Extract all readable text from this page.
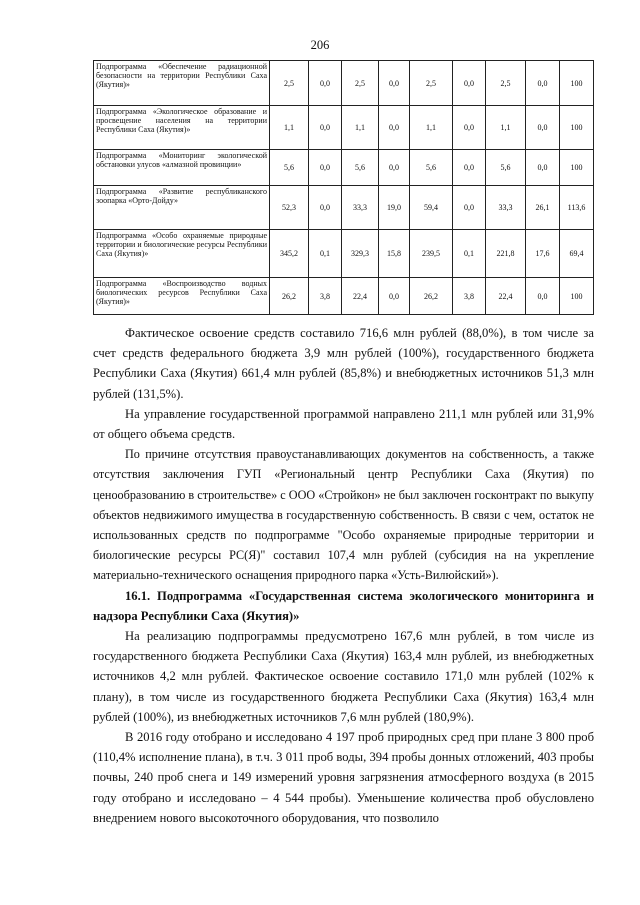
206
Подпрограмма «Обеспечение радиационной безопасности на территории Республики Саха (Якутия)»	2,5	0,0	2,5	0,0	2,5	0,0	2,5	0,0	100
Подпрограмма «Экологическое образование и просвещение населения на территории Республики Саха (Якутия)»	1,1	0,0	1,1	0,0	1,1	0,0	1,1	0,0	100
Подпрограмма «Мониторинг экологической обстановки улусов «алмазной провинции»	5,6	0,0	5,6	0,0	5,6	0,0	5,6	0,0	100
Подпрограмма «Развитие республиканского зоопарка «Орто-Дойду»	52,3	0,0	33,3	19,0	59,4	0,0	33,3	26,1	113,6
Подпрограмма «Особо охраняемые природные территории и биологические ресурсы Республики Саха (Якутия)»	345,2	0,1	329,3	15,8	239,5	0,1	221,8	17,6	69,4
Подпрограмма «Воспроизводство водных биологических ресурсов Республики Саха (Якутия)»	26,2	3,8	22,4	0,0	26,2	3,8	22,4	0,0	100

Фактическое освоение средств составило 716,6 млн рублей (88,0%), в том числе за счет средств федерального бюджета 3,9 млн рублей (100%), государственного бюджета Республики Саха (Якутия) 661,4 млн рублей (85,8%) и внебюджетных источников 51,3 млн рублей (131,5%).

На управление государственной программой направлено 211,1 млн рублей или 31,9% от общего объема средств.

По причине отсутствия правоустанавливающих документов на собственность, а также отсутствия заключения ГУП «Региональный центр Республики Саха (Якутия) по ценообразованию в строительстве» с ООО «Стройкон» не был заключен госконтракт по выкупу объектов недвижимого имущества в государственную собственность. В связи с чем, остаток не использованных средств по подпрограмме "Особо охраняемые природные территории и биологические ресурсы РС(Я)" составил 107,4 млн рублей (субсидия на на укрепление материально-технического оснащения природного парка «Усть-Вилюйский»).

16.1. Подпрограмма «Государственная система экологического мониторинга и надзора Республики Саха (Якутия)»

На реализацию подпрограммы предусмотрено 167,6 млн рублей, в том числе из государственного бюджета Республики Саха (Якутия) 163,4 млн рублей, из внебюджетных источников 4,2 млн рублей. Фактическое освоение составило 171,0 млн рублей (102% к плану), в том числе из государственного бюджета Республики Саха (Якутия) 163,4 млн рублей (100%), из внебюджетных источников 7,6 млн рублей (180,9%).

В 2016 году отобрано и исследовано 4 197 проб природных сред при плане 3 800 проб (110,4% исполнение плана), в т.ч. 3 011 проб воды, 394 пробы донных отложений, 403 пробы почвы, 240 проб снега и 149 измерений уровня загрязнения атмосферного воздуха (в 2015 году отобрано и исследовано – 4 544 пробы). Уменьшение количества проб обусловлено внедрением нового высокоточного оборудования, что позволило
